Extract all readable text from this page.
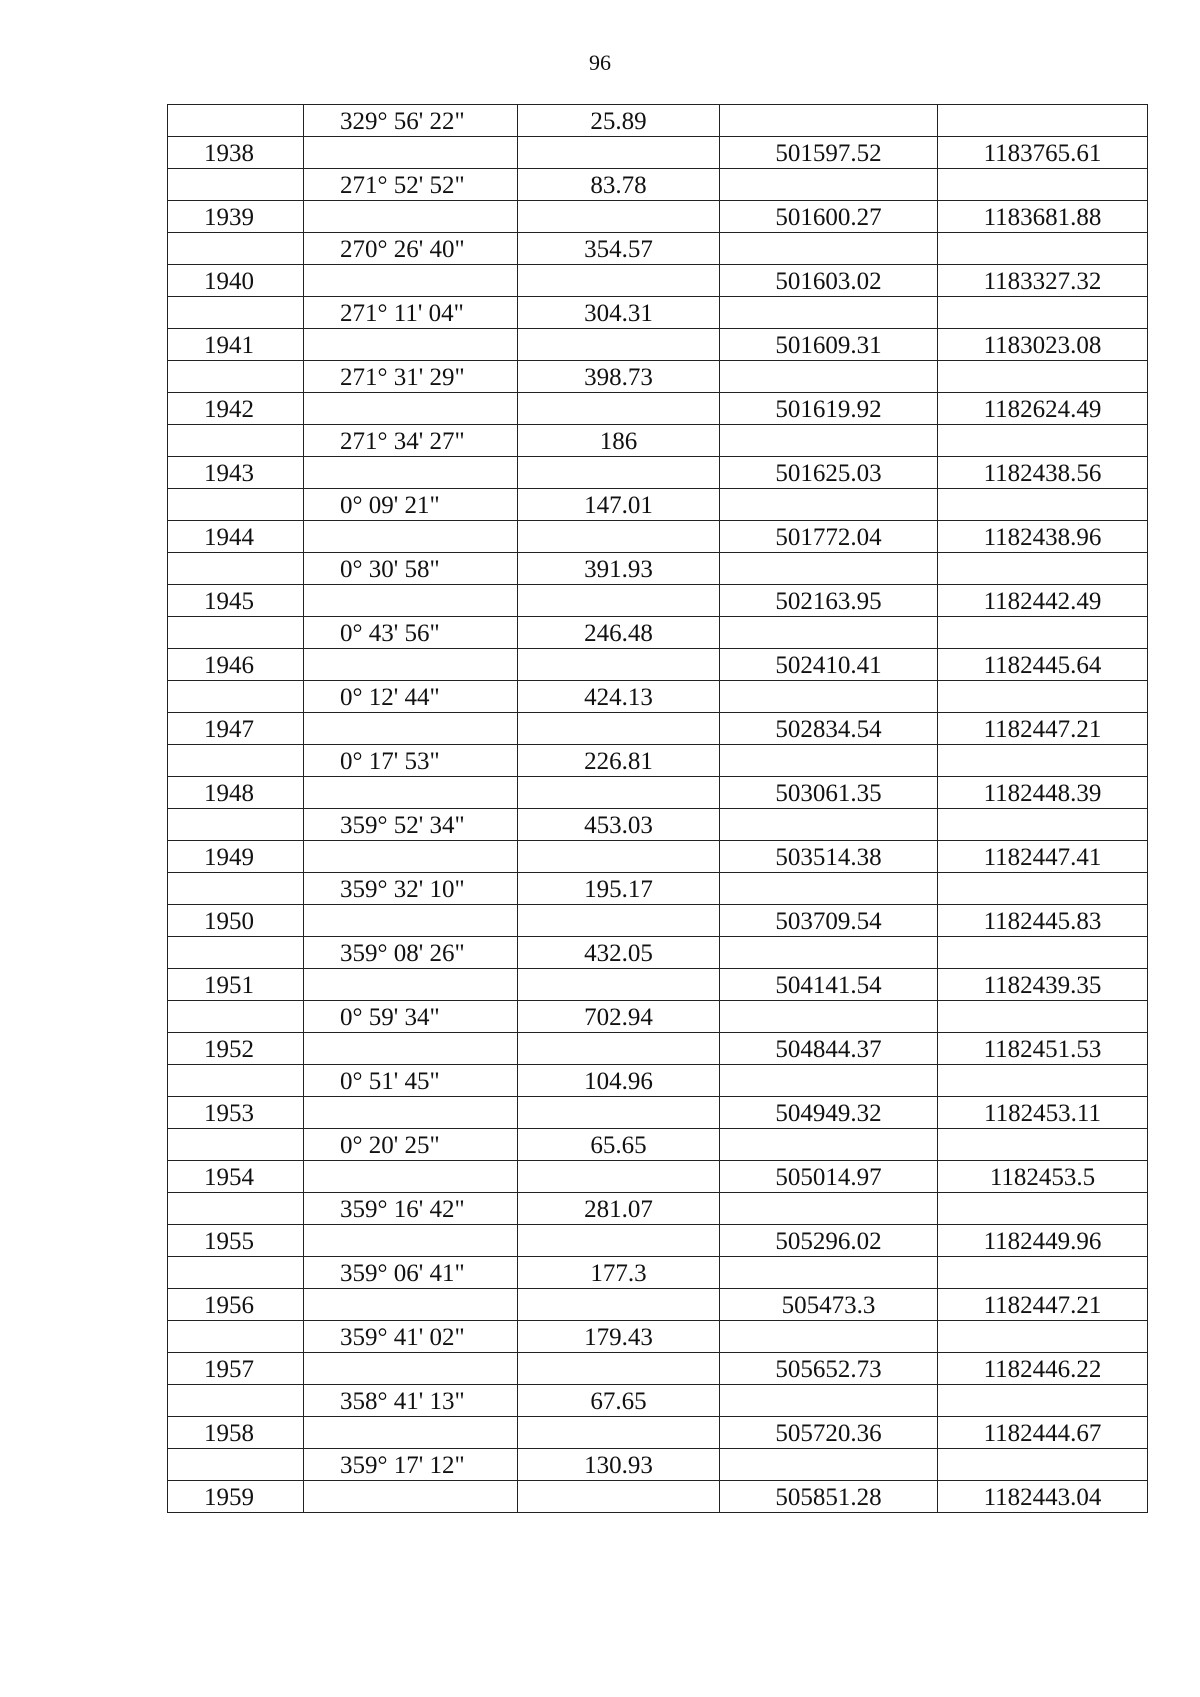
96
	329° 56' 22"	25.89		
1938			501597.52	1183765.61
	271° 52' 52"	83.78		
1939			501600.27	1183681.88
	270° 26' 40"	354.57		
1940			501603.02	1183327.32
	271° 11' 04"	304.31		
1941			501609.31	1183023.08
	271° 31' 29"	398.73		
1942			501619.92	1182624.49
	271° 34' 27"	186		
1943			501625.03	1182438.56
	0° 09' 21"	147.01		
1944			501772.04	1182438.96
	0° 30' 58"	391.93		
1945			502163.95	1182442.49
	0° 43' 56"	246.48		
1946			502410.41	1182445.64
	0° 12' 44"	424.13		
1947			502834.54	1182447.21
	0° 17' 53"	226.81		
1948			503061.35	1182448.39
	359° 52' 34"	453.03		
1949			503514.38	1182447.41
	359° 32' 10"	195.17		
1950			503709.54	1182445.83
	359° 08' 26"	432.05		
1951			504141.54	1182439.35
	0° 59' 34"	702.94		
1952			504844.37	1182451.53
	0° 51' 45"	104.96		
1953			504949.32	1182453.11
	0° 20' 25"	65.65		
1954			505014.97	1182453.5
	359° 16' 42"	281.07		
1955			505296.02	1182449.96
	359° 06' 41"	177.3		
1956			505473.3	1182447.21
	359° 41' 02"	179.43		
1957			505652.73	1182446.22
	358° 41' 13"	67.65		
1958			505720.36	1182444.67
	359° 17' 12"	130.93		
1959			505851.28	1182443.04
